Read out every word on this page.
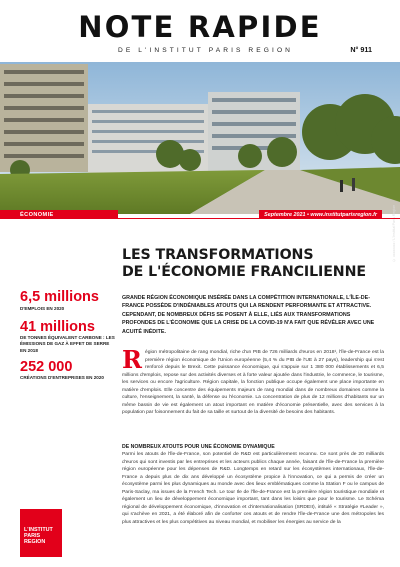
NOTE RAPIDE
DE L'INSTITUT PARIS REGION	N° 911
© xxxxxxxx / L'Institut Paris Region
ÉCONOMIE	Septembre 2021 • www.institutparisregion.fr
6,5 millions
D'EMPLOIS EN 2020
41 millions
DE TONNES ÉQUIVALENT CARBONE : LES ÉMISSIONS DE GAZ À EFFET DE SERRE EN 2018
252 000
CRÉATIONS D'ENTREPRISES EN 2020
L'INSTITUT
PARIS
REGION
LES TRANSFORMATIONS
DE L'ÉCONOMIE FRANCILIENNE
GRANDE RÉGION ÉCONOMIQUE INSÉRÉE DANS LA COMPÉTITION INTERNATIONALE, L'ÎLE-DE-FRANCE POSSÈDE D'INDÉNIABLES ATOUTS QUI LA RENDENT PERFORMANTE ET ATTRACTIVE. CEPENDANT, DE NOMBREUX DÉFIS SE POSENT À ELLE, LIÉS AUX TRANSFORMATIONS PROFONDES DE L'ÉCONOMIE QUE LA CRISE DE LA COVID-19 N'A FAIT QUE RÉVÉLER AVEC UNE ACUITÉ INÉDITE.
R égion métropolitaine de rang mondial, riche d'un PIB de 726 milliards d'euros en 2018¹, l'Île-de-France est la première région économique de l'Union européenne (5,4 % du PIB de l'UE à 27 pays), leadership qui s'est renforcé depuis le Brexit. Cette puissance économique, qui s'appuie sur 1 380 000 établissements et 6,5 millions d'emplois, repose sur des activités diverses et à forte valeur ajoutée dans l'industrie, le commerce, le tourisme, les services ou encore l'agriculture. Région capitale, la fonction publique occupe également une place importante en matière d'emplois. Elle concentre des équipements majeurs de rang mondial dans de nombreux domaines comme la culture, l'enseignement, la santé, la défense ou l'économie. La concentration de plus de 12 millions d'habitants sur un même bassin de vie est également un atout important en matière d'économie présentielle, avec des services à la population par foisonnement du fait de sa taille et surtout de la diversité de besoins des habitants.
DE NOMBREUX ATOUTS POUR UNE ÉCONOMIE DYNAMIQUE
Parmi les atouts de l'Île-de-France, son potentiel de R&D est particulièrement reconnu. Ce sont près de 20 milliards d'euros qui sont investis par les entreprises et les acteurs publics chaque année, faisant de l'Île-de-France la première région européenne pour les dépenses de R&D. Longtemps en retard sur les écosystèmes internationaux, l'Île-de-France a depuis plus de dix ans développé un écosystème propice à l'innovation, ce qui a permis de créer un écosystème parmi les plus dynamiques au monde avec des lieux emblématiques comme la Station F ou le campus de Paris-Saclay, ma issues de la French Tech. Le tour Ile de l'Île-de-France est la première région touristique mondiale et également un lieu de développement économique important, tant dans les loisirs que pour le tourisme. Le Schéma régional de développement économique, d'innovation et d'internationalisation (SRDEII), intitulé « Stratégie #Leader », qui s'achève en 2021, a été élaboré afin de conforter ces atouts et de rendre l'Île-de-France une des métropoles les plus attractives et les plus compétitives au niveau mondial, et mobiliser les énergies au service de la
